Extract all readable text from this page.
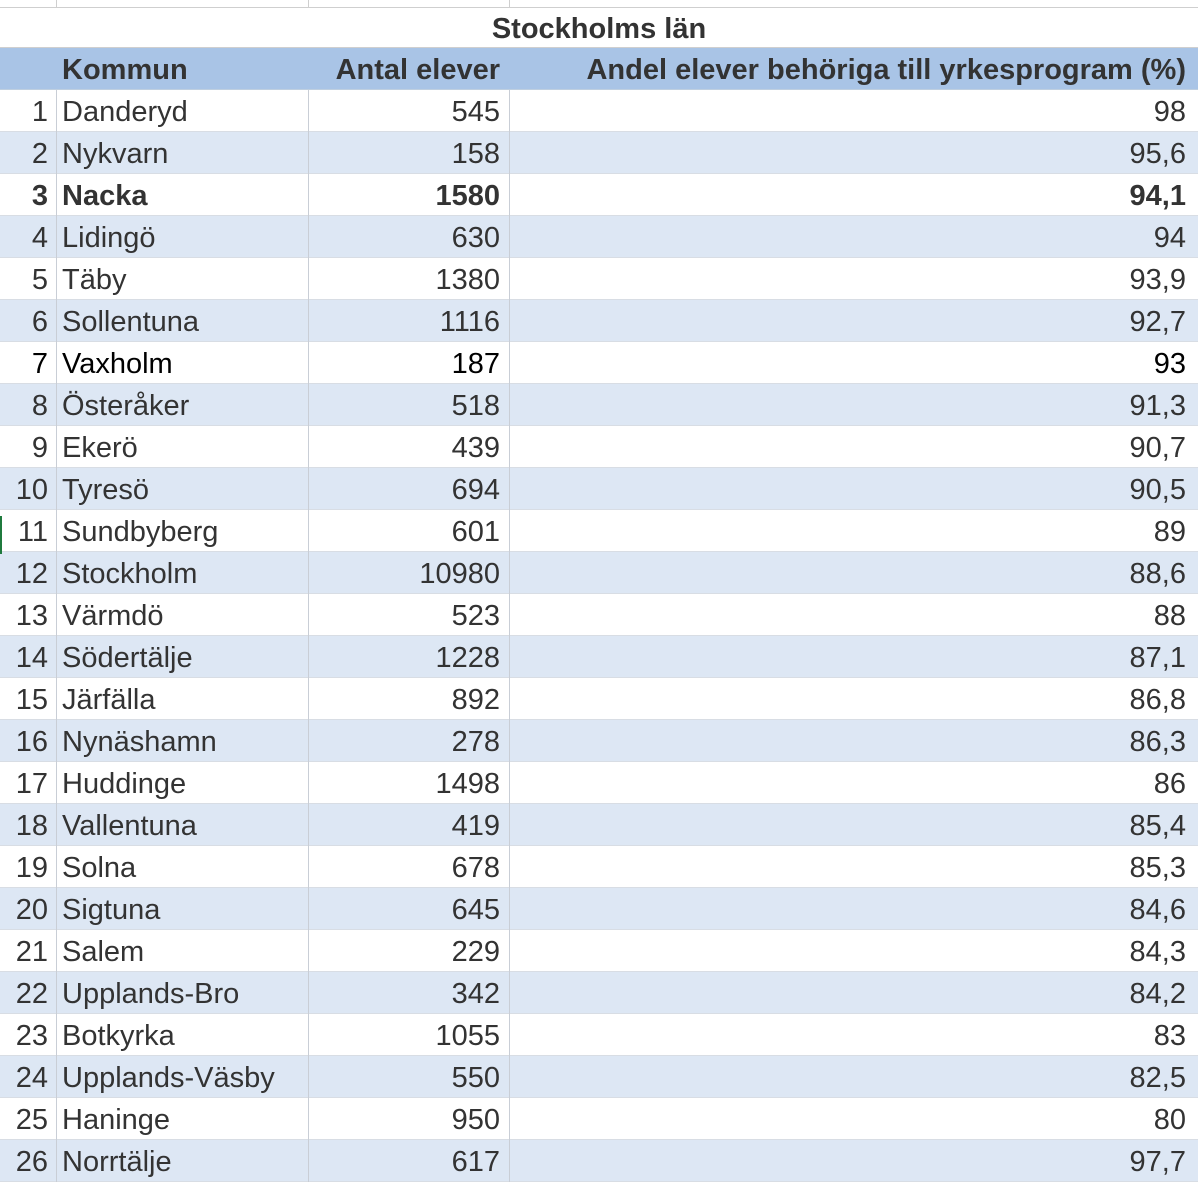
Stockholms län
Kommun	Antal elever	Andel elever behöriga till yrkesprogram (%)
1 Danderyd	545	98
2 Nykvarn	158	95,6
3 Nacka	1580	94,1
4 Lidingö	630	94
5 Täby	1380	93,9
6 Sollentuna	1116	92,7
7 Vaxholm	187	93
8 Österåker	518	91,3
9 Ekerö	439	90,7
10 Tyresö	694	90,5
11 Sundbyberg	601	89
12 Stockholm	10980	88,6
13 Värmdö	523	88
14 Södertälje	1228	87,1
15 Järfälla	892	86,8
16 Nynäshamn	278	86,3
17 Huddinge	1498	86
18 Vallentuna	419	85,4
19 Solna	678	85,3
20 Sigtuna	645	84,6
21 Salem	229	84,3
22 Upplands-Bro	342	84,2
23 Botkyrka	1055	83
24 Upplands-Väsby	550	82,5
25 Haninge	950	80
26 Norrtälje	617	97,7
